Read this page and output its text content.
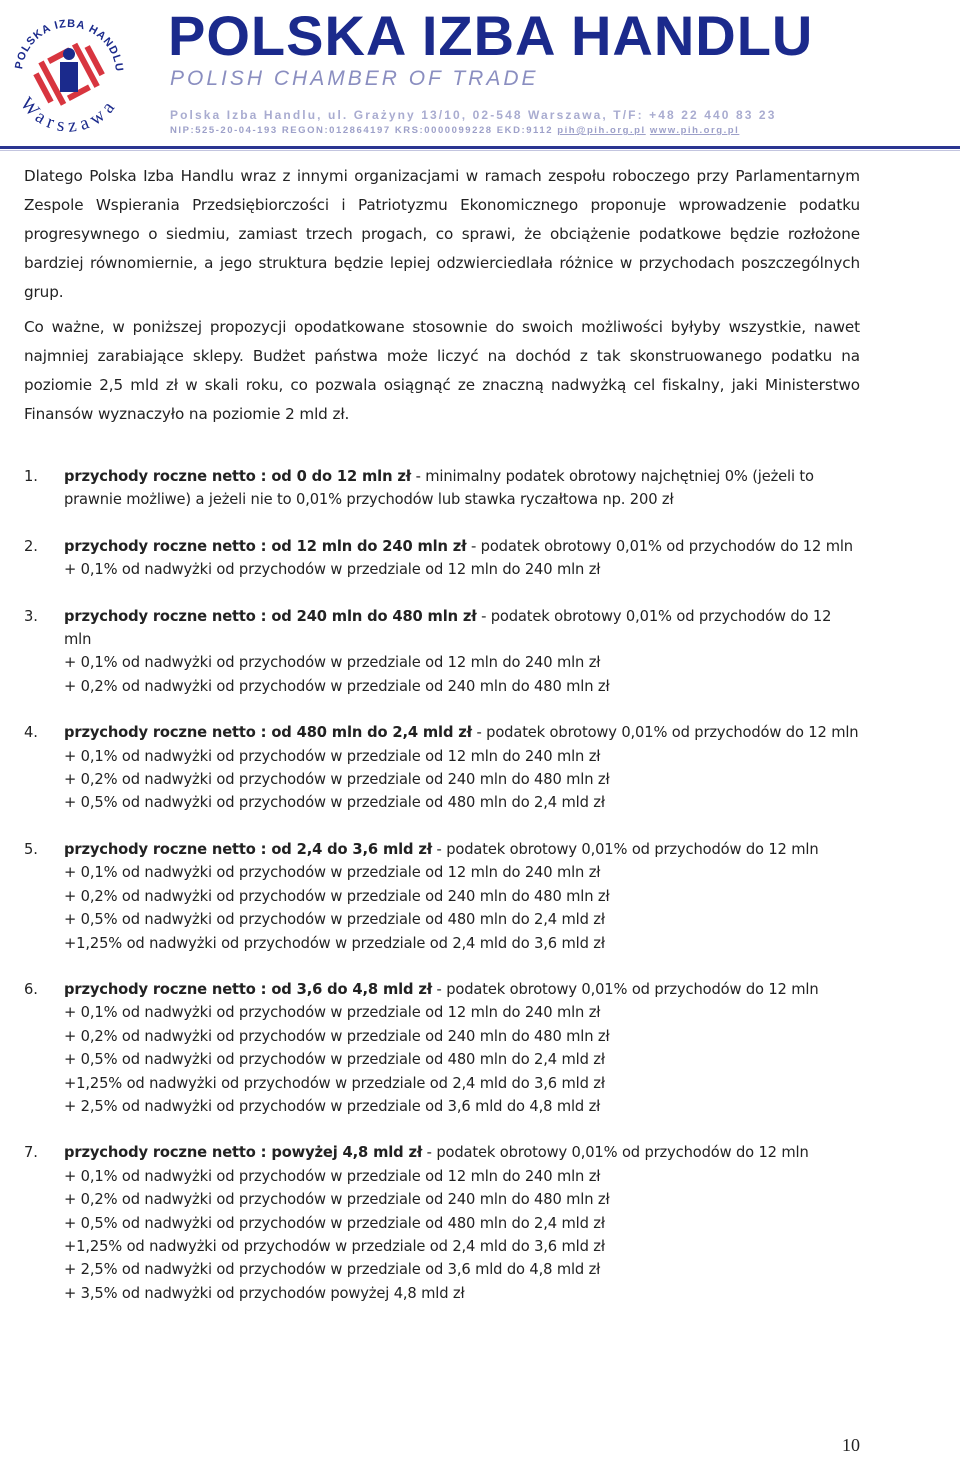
POLSKA IZBA HANDLU
Warszawa
POLSKA IZBA HANDLU

POLISH CHAMBER OF TRADE

Polska Izba Handlu, ul. Grażyny 13/10, 02-548 Warszawa, T/F: +48 22 440 83 23

NIP:525-20-04-193 REGON:012864197 KRS:0000099228 EKD:9112 pih@pih.org.pl www.pih.org.pl

Dlatego Polska Izba Handlu wraz z innymi organizacjami w ramach zespołu roboczego przy Parlamentarnym Zespole Wspierania Przedsiębiorczości i Patriotyzmu Ekonomicznego proponuje wprowadzenie podatku progresywnego o siedmiu, zamiast trzech progach, co sprawi, że obciążenie podatkowe będzie rozłożone bardziej równomiernie, a jego struktura będzie lepiej odzwierciedlała różnice w przychodach poszczególnych grup.

Co ważne, w poniższej propozycji opodatkowane stosownie do swoich możliwości byłyby wszystkie, nawet najmniej zarabiające sklepy. Budżet państwa może liczyć na dochód z tak skonstruowanego podatku na poziomie 2,5 mld zł w skali roku, co pozwala osiągnąć ze znaczną nadwyżką cel fiskalny, jaki Ministerstwo Finansów wyznaczyło na poziomie 2 mld zł.

1. przychody roczne netto : od 0 do 12 mln zł - minimalny podatek obrotowy najchętniej 0% (jeżeli to prawnie możliwe) a jeżeli nie to 0,01% przychodów lub stawka ryczałtowa np. 200 zł
2. przychody roczne netto : od 12 mln do 240 mln zł - podatek obrotowy 0,01% od przychodów do 12 mln
+ 0,1% od nadwyżki od przychodów w przedziale od 12 mln do 240 mln zł
3. przychody roczne netto : od 240 mln do 480 mln zł - podatek obrotowy 0,01% od przychodów do 12 mln
+ 0,1% od nadwyżki od przychodów w przedziale od 12 mln do 240 mln zł
+ 0,2% od nadwyżki od przychodów w przedziale od 240 mln do 480 mln zł
4. przychody roczne netto : od 480 mln do 2,4 mld zł - podatek obrotowy 0,01% od przychodów do 12 mln
+ 0,1% od nadwyżki od przychodów w przedziale od 12 mln do 240 mln zł
+ 0,2% od nadwyżki od przychodów w przedziale od 240 mln do 480 mln zł
+ 0,5% od nadwyżki od przychodów w przedziale od 480 mln do 2,4 mld zł
5. przychody roczne netto : od 2,4 do 3,6 mld zł - podatek obrotowy 0,01% od przychodów do 12 mln
+ 0,1% od nadwyżki od przychodów w przedziale od 12 mln do 240 mln zł
+ 0,2% od nadwyżki od przychodów w przedziale od 240 mln do 480 mln zł
+ 0,5% od nadwyżki od przychodów w przedziale od 480 mln do 2,4 mld zł
+1,25% od nadwyżki od przychodów w przedziale od 2,4 mld do 3,6 mld zł
6. przychody roczne netto : od 3,6 do 4,8 mld zł - podatek obrotowy 0,01% od przychodów do 12 mln
+ 0,1% od nadwyżki od przychodów w przedziale od 12 mln do 240 mln zł
+ 0,2% od nadwyżki od przychodów w przedziale od 240 mln do 480 mln zł
+ 0,5% od nadwyżki od przychodów w przedziale od 480 mln do 2,4 mld zł
+1,25% od nadwyżki od przychodów w przedziale od 2,4 mld do 3,6 mld zł
+ 2,5% od nadwyżki od przychodów w przedziale od 3,6 mld do 4,8 mld zł
7. przychody roczne netto : powyżej 4,8 mld zł - podatek obrotowy 0,01% od przychodów do 12 mln
+ 0,1% od nadwyżki od przychodów w przedziale od 12 mln do 240 mln zł
+ 0,2% od nadwyżki od przychodów w przedziale od 240 mln do 480 mln zł
+ 0,5% od nadwyżki od przychodów w przedziale od 480 mln do 2,4 mld zł
+1,25% od nadwyżki od przychodów w przedziale od 2,4 mld do 3,6 mld zł
+ 2,5% od nadwyżki od przychodów w przedziale od 3,6 mld do 4,8 mld zł
+ 3,5% od nadwyżki od przychodów powyżej 4,8 mld zł

10
